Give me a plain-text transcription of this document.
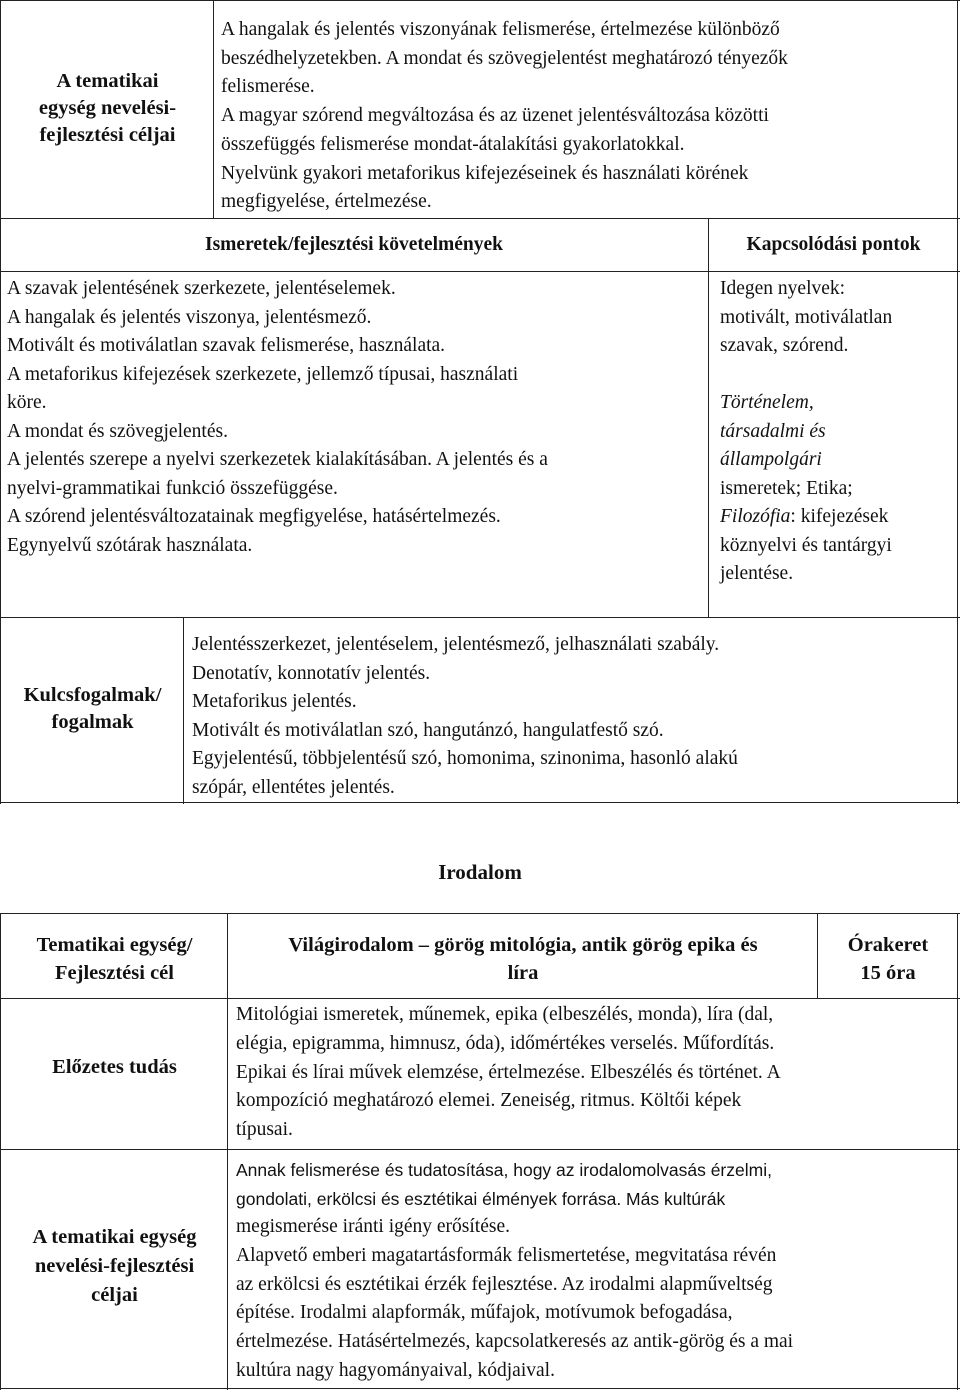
A tematikai
egység nevelési-
fejlesztési céljai
A hangalak és jelentés viszonyának felismerése, értelmezése különböző
beszédhelyzetekben. A mondat és szövegjelentést meghatározó tényezők
felismerése.
A magyar szórend megváltozása és az üzenet jelentésváltozása közötti
összefüggés felismerése mondat-átalakítási gyakorlatokkal.
Nyelvünk gyakori metaforikus kifejezéseinek és használati körének
megfigyelése, értelmezése.
Ismeretek/fejlesztési követelmények	Kapcsolódási pontok
A szavak jelentésének szerkezete, jelentéselemek.
A hangalak és jelentés viszonya, jelentésmező.
Motivált és motiválatlan szavak felismerése, használata.
A metaforikus kifejezések szerkezete, jellemző típusai, használati
köre.
A mondat és szövegjelentés.
A jelentés szerepe a nyelvi szerkezetek kialakításában. A jelentés és a
nyelvi-grammatikai funkció összefüggése.
A szórend jelentésváltozatainak megfigyelése, hatásértelmezés.
Egynyelvű szótárak használata.
Idegen nyelvek:
motivált, motiválatlan
szavak, szórend.
Történelem,
társadalmi és
állampolgári
ismeretek; Etika;
Filozófia: kifejezések
köznyelvi és tantárgyi
jelentése.
Kulcsfogalmak/
fogalmak
Jelentésszerkezet, jelentéselem, jelentésmező, jelhasználati szabály.
Denotatív, konnotatív jelentés.
Metaforikus jelentés.
Motivált és motiválatlan szó, hangutánzó, hangulatfestő szó.
Egyjelentésű, többjelentésű szó, homonima, szinonima, hasonló alakú
szópár, ellentétes jelentés.
Irodalom
Tematikai egység/
Fejlesztési cél
Világirodalom – görög mitológia, antik görög epika és
líra
Órakeret
15 óra
Előzetes tudás
Mitológiai ismeretek, műnemek, epika (elbeszélés, monda), líra (dal,
elégia, epigramma, himnusz, óda), időmértékes verselés. Műfordítás.
Epikai és lírai művek elemzése, értelmezése. Elbeszélés és történet. A
kompozíció meghatározó elemei. Zeneiség, ritmus. Költői képek
típusai.
A tematikai egység
nevelési-fejlesztési
céljai
Annak felismerése és tudatosítása, hogy az irodalomolvasás érzelmi,
gondolati, erkölcsi és esztétikai élmények forrása. Más kultúrák
megismerése iránti igény erősítése.
Alapvető emberi magatartásformák felismertetése, megvitatása révén
az erkölcsi és esztétikai érzék fejlesztése. Az irodalmi alapműveltség
építése. Irodalmi alapformák, műfajok, motívumok befogadása,
értelmezése. Hatásértelmezés, kapcsolatkeresés az antik-görög és a mai
kultúra nagy hagyományaival, kódjaival.
